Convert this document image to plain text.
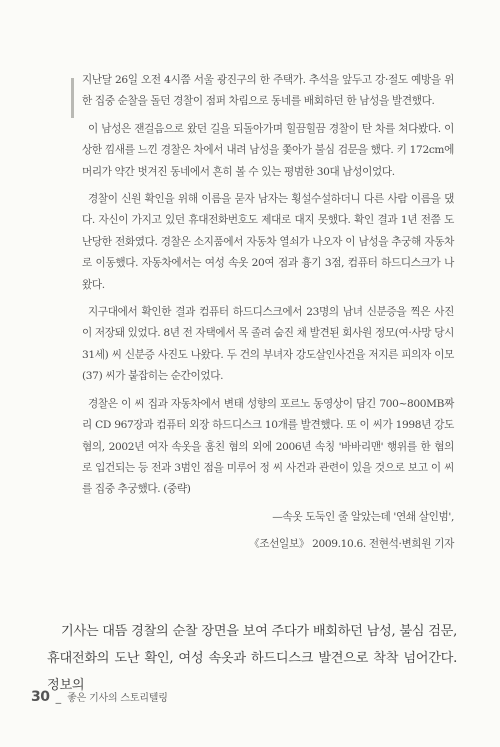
지난달 26일 오전 4시쯤 서울 광진구의 한 주택가. 추석을 앞두고 강·절도 예방을 위한 집중 순찰을 돌던 경찰이 점퍼 차림으로 동네를 배회하던 한 남성을 발견했다.

이 남성은 잰걸음으로 왔던 길을 되돌아가며 힐끔힐끔 경찰이 탄 차를 쳐다봤다. 이상한 낌새를 느낀 경찰은 차에서 내려 남성을 쫓아가 불심 검문을 했다. 키 172cm에 머리가 약간 벗겨진 동네에서 흔히 볼 수 있는 평범한 30대 남성이었다.

경찰이 신원 확인을 위해 이름을 묻자 남자는 횡설수설하더니 다른 사람 이름을 댔다. 자신이 가지고 있던 휴대전화번호도 제대로 대지 못했다. 확인 결과 1년 전쯤 도난당한 전화였다. 경찰은 소지품에서 자동차 열쇠가 나오자 이 남성을 추궁해 자동차로 이동했다. 자동차에서는 여성 속옷 20여 점과 흉기 3점, 컴퓨터 하드디스크가 나왔다.

지구대에서 확인한 결과 컴퓨터 하드디스크에서 23명의 남녀 신분증을 찍은 사진이 저장돼 있었다. 8년 전 자택에서 목 졸려 숨진 채 발견된 회사원 정모(여·사망 당시 31세) 씨 신분증 사진도 나왔다. 두 건의 부녀자 강도살인사건을 저지른 피의자 이모(37) 씨가 붙잡히는 순간이었다.

경찰은 이 씨 집과 자동차에서 변태 성향의 포르노 동영상이 담긴 700~800MB짜리 CD 967장과 컴퓨터 외장 하드디스크 10개를 발견했다. 또 이 씨가 1998년 강도 혐의, 2002년 여자 속옷을 훔친 혐의 외에 2006년 속칭 '바바리맨' 행위를 한 혐의로 입건되는 등 전과 3범인 점을 미루어 정 씨 사건과 관련이 있을 것으로 보고 이 씨를 집중 추궁했다. (중략)

—속옷 도둑인 줄 알았는데 '연쇄 살인범',

《조선일보》 2009.10.6. 전현석·변희원 기자

기사는 대뜸 경찰의 순찰 장면을 보여 주다가 배회하던 남성, 불심 검문, 휴대전화의 도난 확인, 여성 속옷과 하드디스크 발견으로 착착 넘어간다. 정보의

30 _ 좋은 기사의 스토리텔링
